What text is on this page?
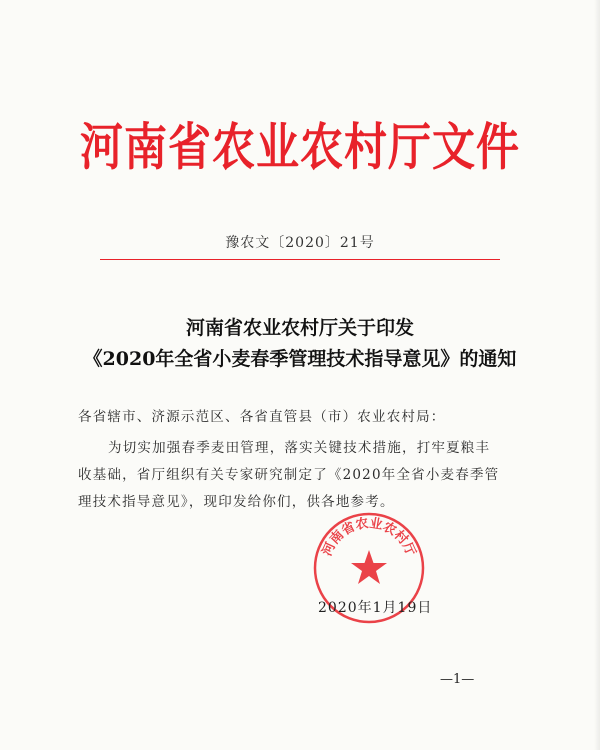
河南省农业农村厅文件
豫农文〔2020〕21号
河南省农业农村厅关于印发
《2020年全省小麦春季管理技术指导意见》的通知
各省辖市、济源示范区、各省直管县（市）农业农村局：
为切实加强春季麦田管理，落实关键技术措施，打牢夏粮丰
收基础，省厅组织有关专家研究制定了《2020年全省小麦春季管
理技术指导意见》，现印发给你们，供各地参考。
河南省农业农村厅
2020年1月19日
—1—
